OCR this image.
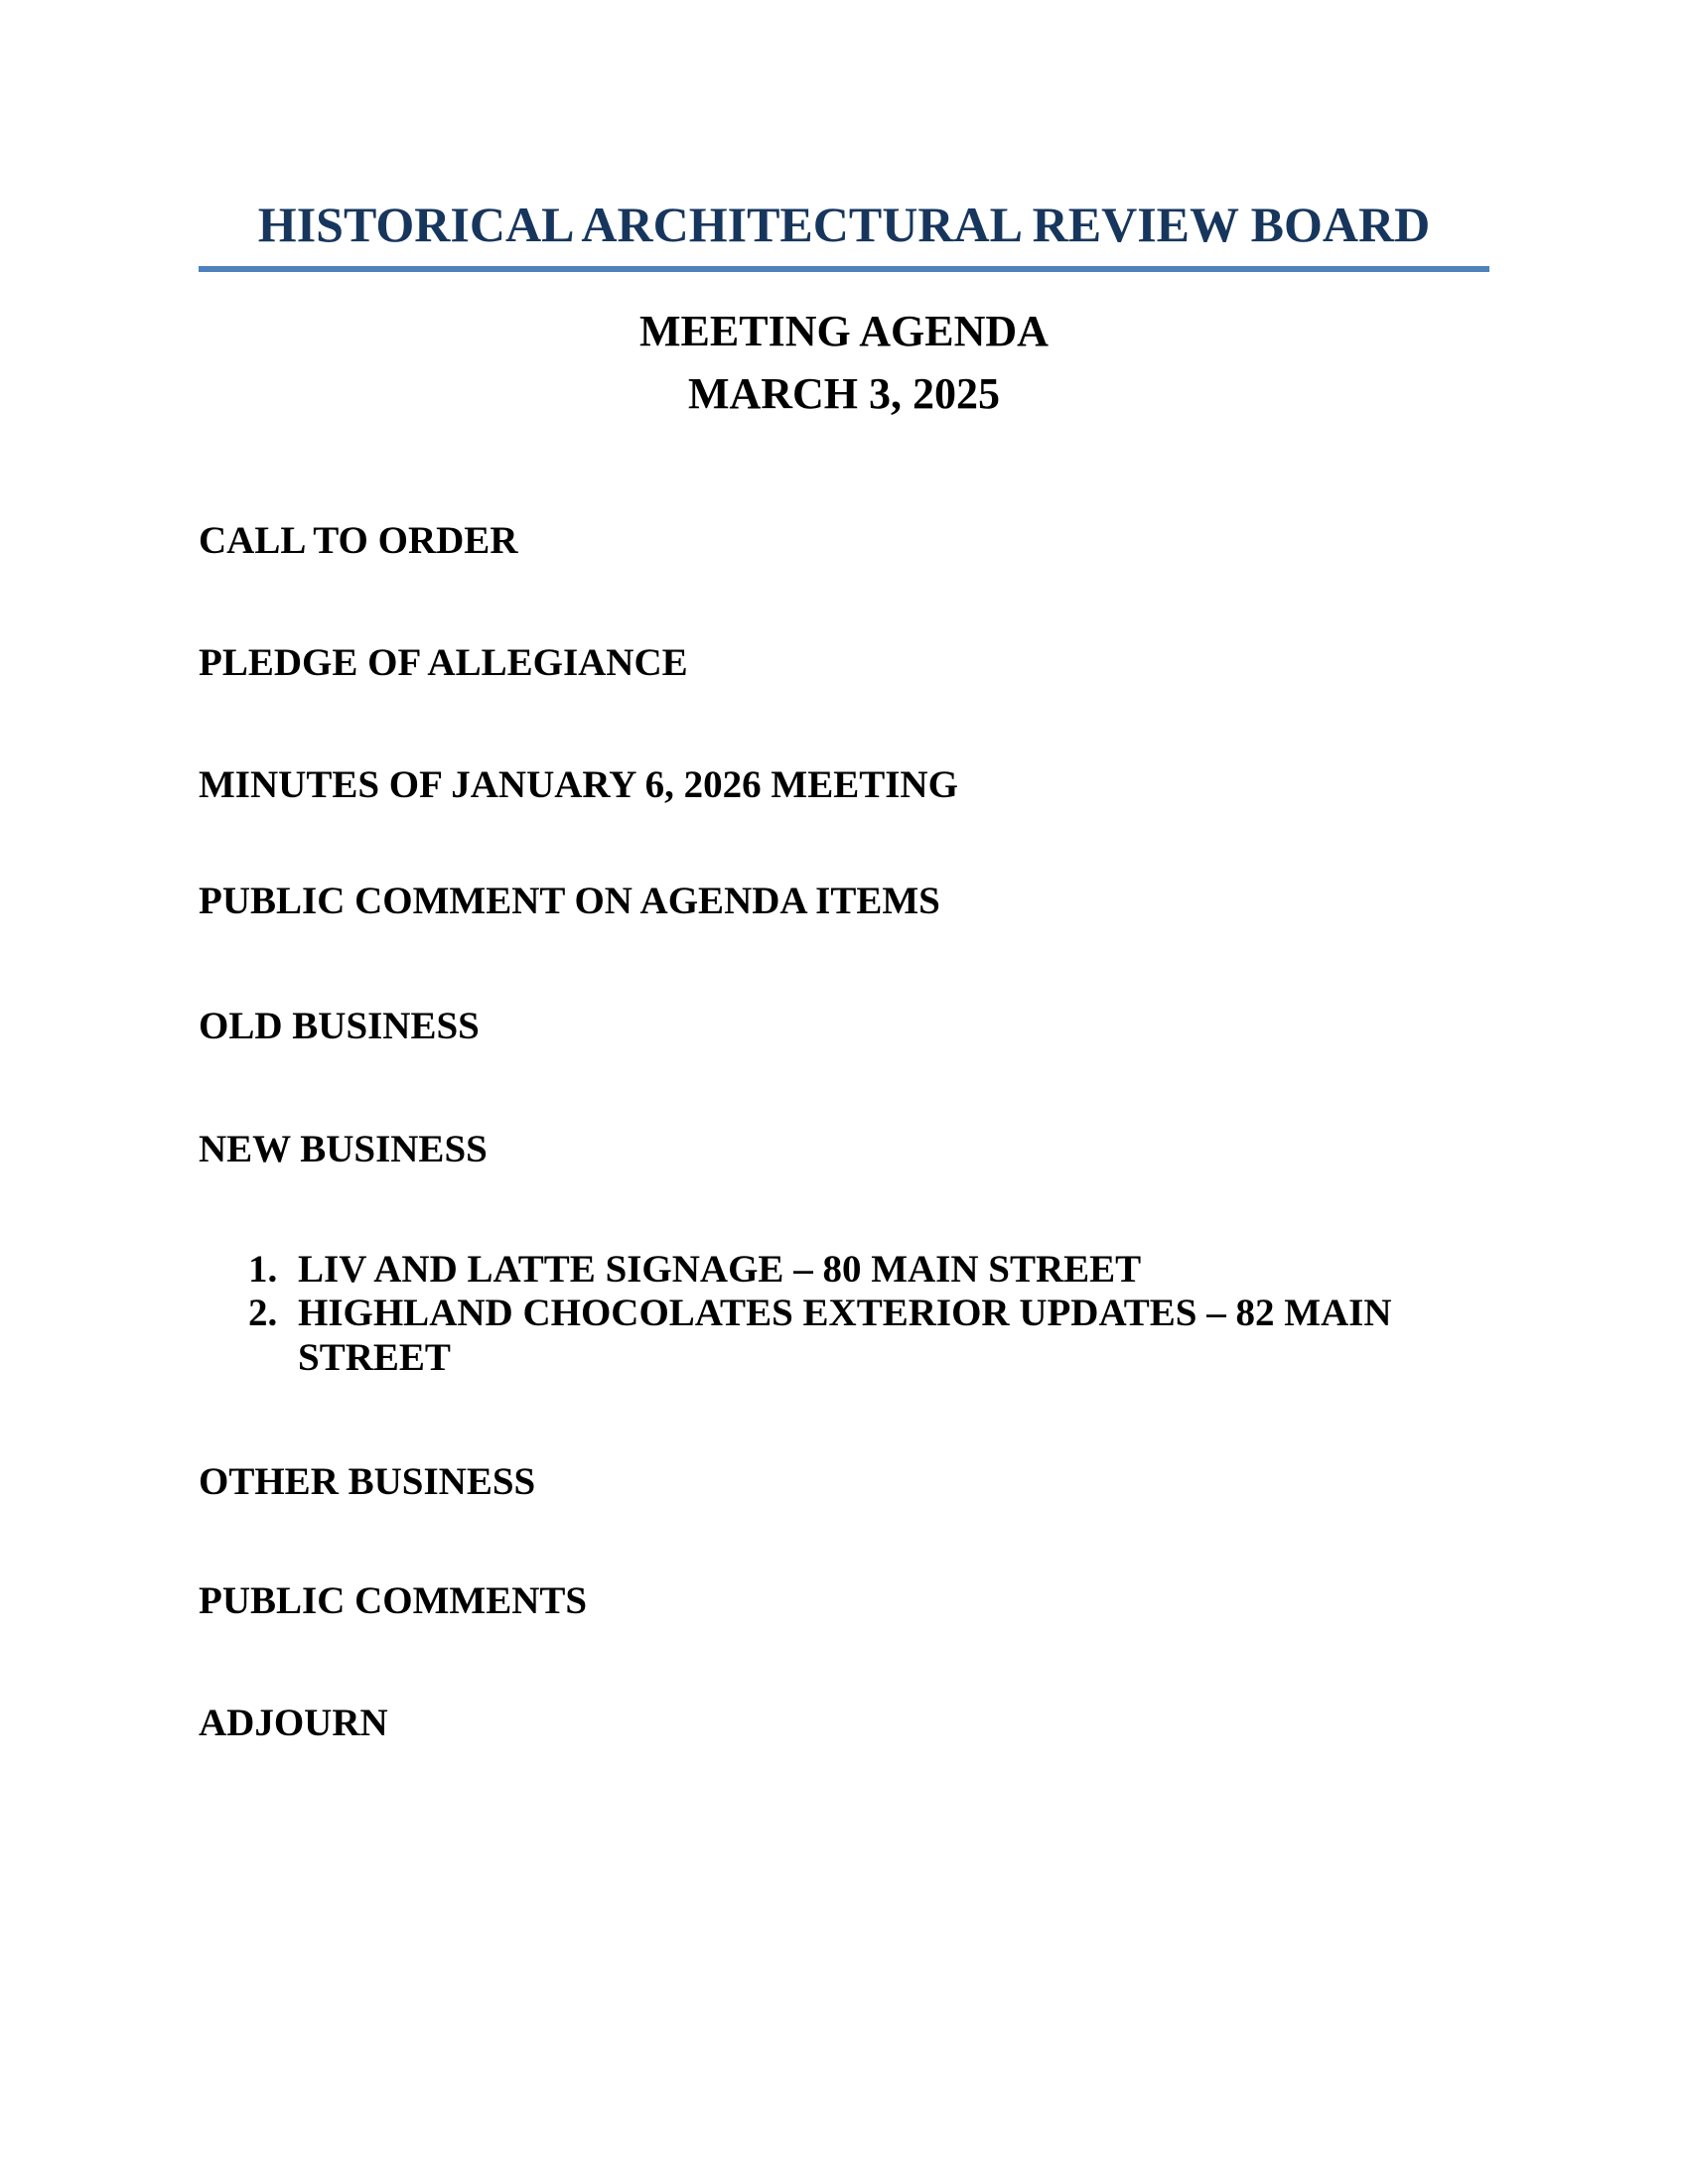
HISTORICAL ARCHITECTURAL REVIEW BOARD
MEETING AGENDA
MARCH 3, 2025

CALL TO ORDER

PLEDGE OF ALLEGIANCE

MINUTES OF JANUARY 6, 2026 MEETING

PUBLIC COMMENT ON AGENDA ITEMS

OLD BUSINESS

NEW BUSINESS

1. LIV AND LATTE SIGNAGE – 80 MAIN STREET
2. HIGHLAND CHOCOLATES EXTERIOR UPDATES – 82 MAIN STREET

OTHER BUSINESS

PUBLIC COMMENTS

ADJOURN
